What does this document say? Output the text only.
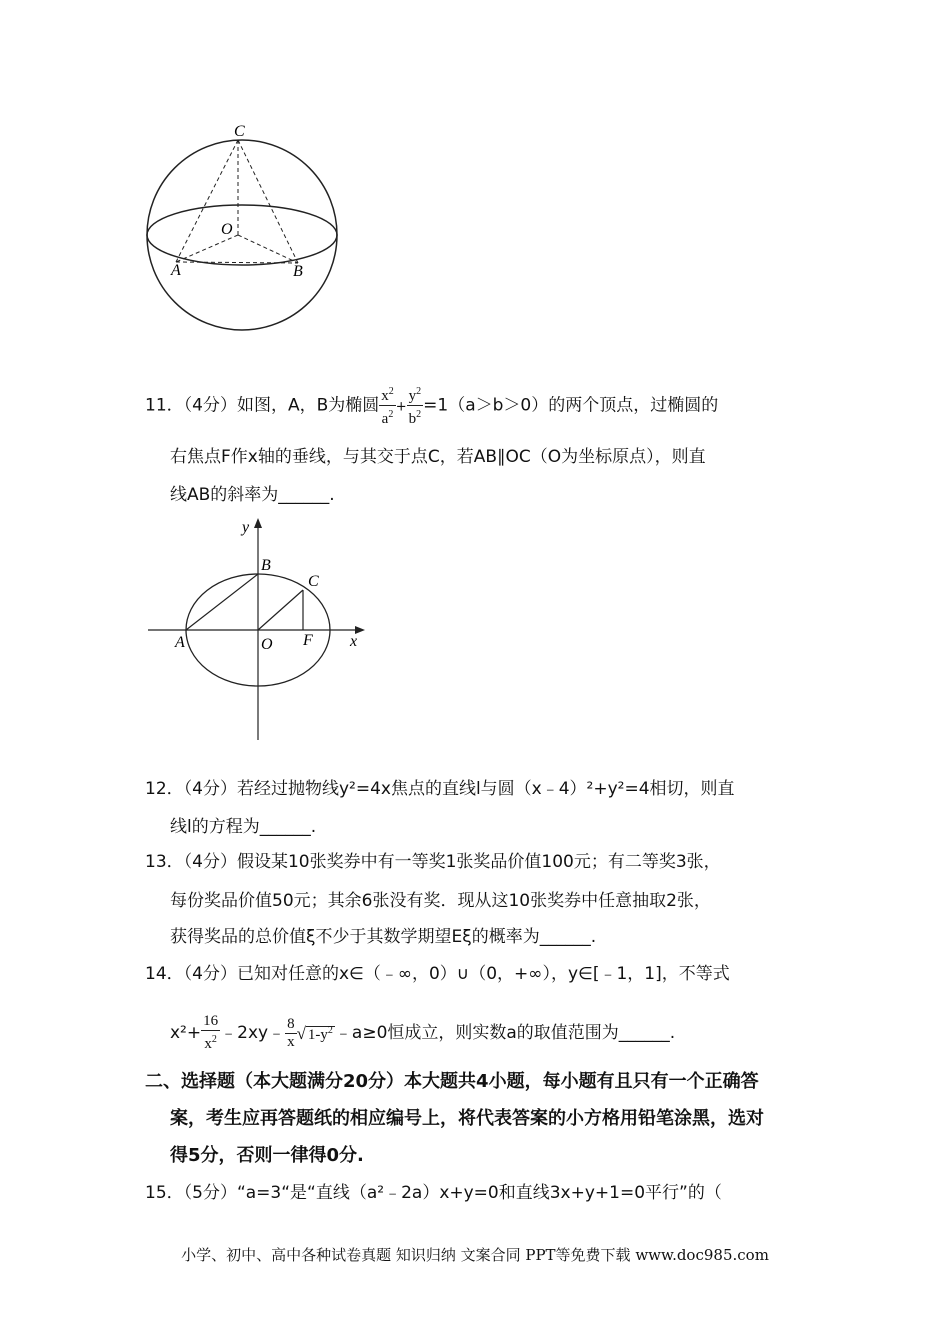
C
O
A	B
11．（4分）如图，A，B为椭圆 $\frac{x^2}{a^2} + \frac{y^2}{b^2} =1(a>b>0)$的两个顶点，过椭圆的
右焦点F作x轴的垂线，与其交于点C，若AB∥OC（O为坐标原点），则直
线AB的斜率为______.
y
B
C
A	O F x
12．（4分）若经过抛物线y²=4x焦点的直线l与圆（x﹣4）²+y²=4相切，则直
线l的方程为______.
13．（4分）假设某10张奖券中有一等奖1张奖品价值100元；有二等奖3张，
每份奖品价值50元；其余6张没有奖．现从这10张奖券中任意抽取2张，
获得奖品的总价值ξ不少于其数学期望Eξ的概率为______.
14．（4分）已知对任意的x∈（﹣∞，0）∪（0，+∞），y∈[﹣1，1]，不等式
$x^2+ \frac{16}{x^2}$ ﹣2xy﹣ $\frac{8}{x}$ √ $1-y^2$ ﹣a≥0恒成立，则实数a的取值范围为______.
二、选择题（本大题满分20分）本大题共4小题，每小题有且只有一个正确答
案，考生应再答题纸的相应编号上，将代表答案的小方格用铅笔涂黑，选对
得5分，否则一律得0分.
15．（5分）“a=3“是“直线（a²﹣2a）x+y=0和直线3x+y+1=0平行”的（
小学、初中、高中各种试卷真题 知识归纳 文案合同 PPT等免费下载 www.doc985.com
